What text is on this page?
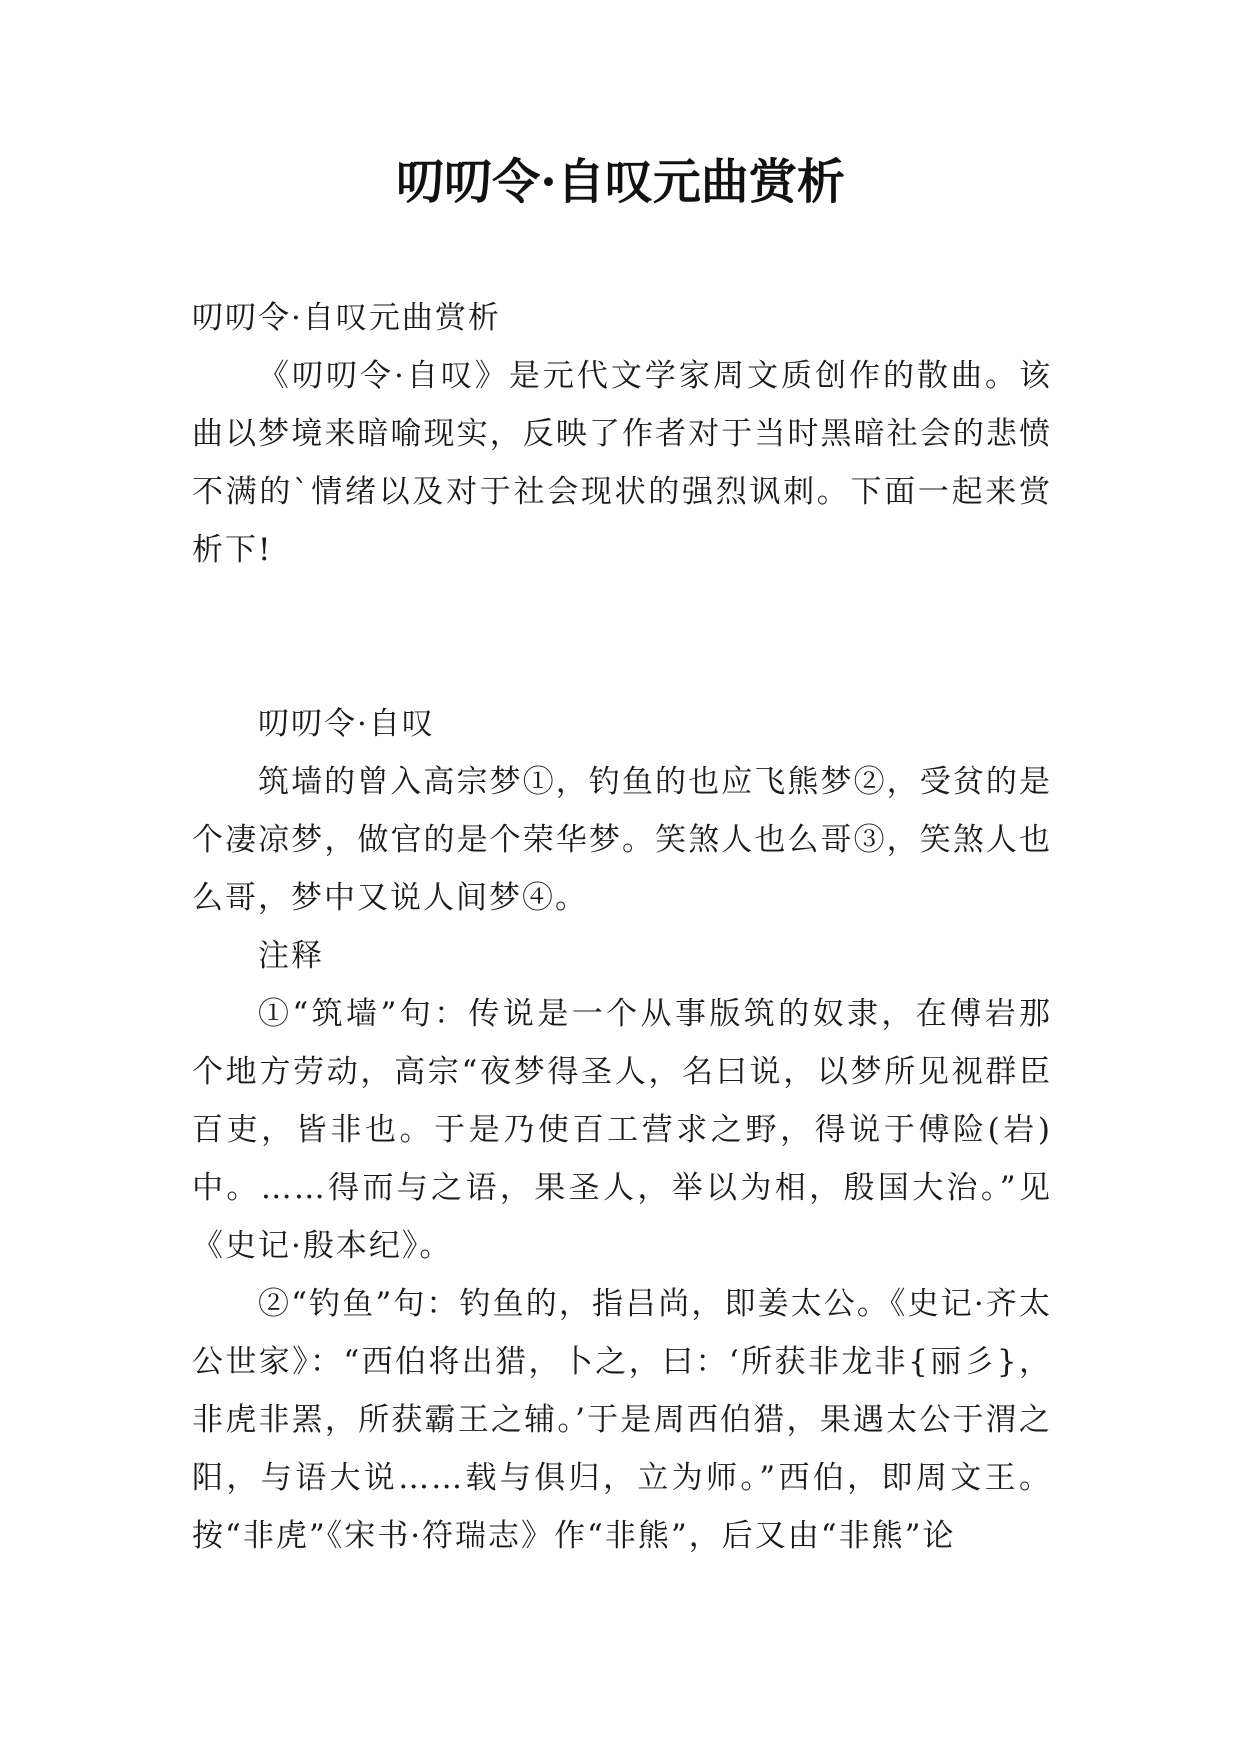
叨叨令·自叹元曲赏析

叨叨令·自叹元曲赏析

《叨叨令·自叹》是元代文学家周文质创作的散曲。该曲以梦境来暗喻现实，反映了作者对于当时黑暗社会的悲愤不满的`情绪以及对于社会现状的强烈讽刺。下面一起来赏析下!

叨叨令·自叹

筑墙的曾入高宗梦①，钓鱼的也应飞熊梦②，受贫的是个凄凉梦，做官的是个荣华梦。笑煞人也么哥③，笑煞人也么哥，梦中又说人间梦④。

注释

①“筑墙”句：传说是一个从事版筑的奴隶，在傅岩那个地方劳动，高宗“夜梦得圣人，名曰说，以梦所见视群臣百吏，皆非也。于是乃使百工营求之野，得说于傅险(岩)中。……得而与之语，果圣人，举以为相，殷国大治。”见《史记·殷本纪》。

②“钓鱼”句：钓鱼的，指吕尚，即姜太公。《史记·齐太公世家》：“西伯将出猎，卜之，曰：‘所获非龙非{丽彡}，非虎非罴，所获霸王之辅。’于是周西伯猎，果遇太公于渭之阳，与语大说……载与俱归，立为师。”西伯，即周文王。按“非虎”《宋书·符瑞志》作“非熊”，后又由“非熊”论
